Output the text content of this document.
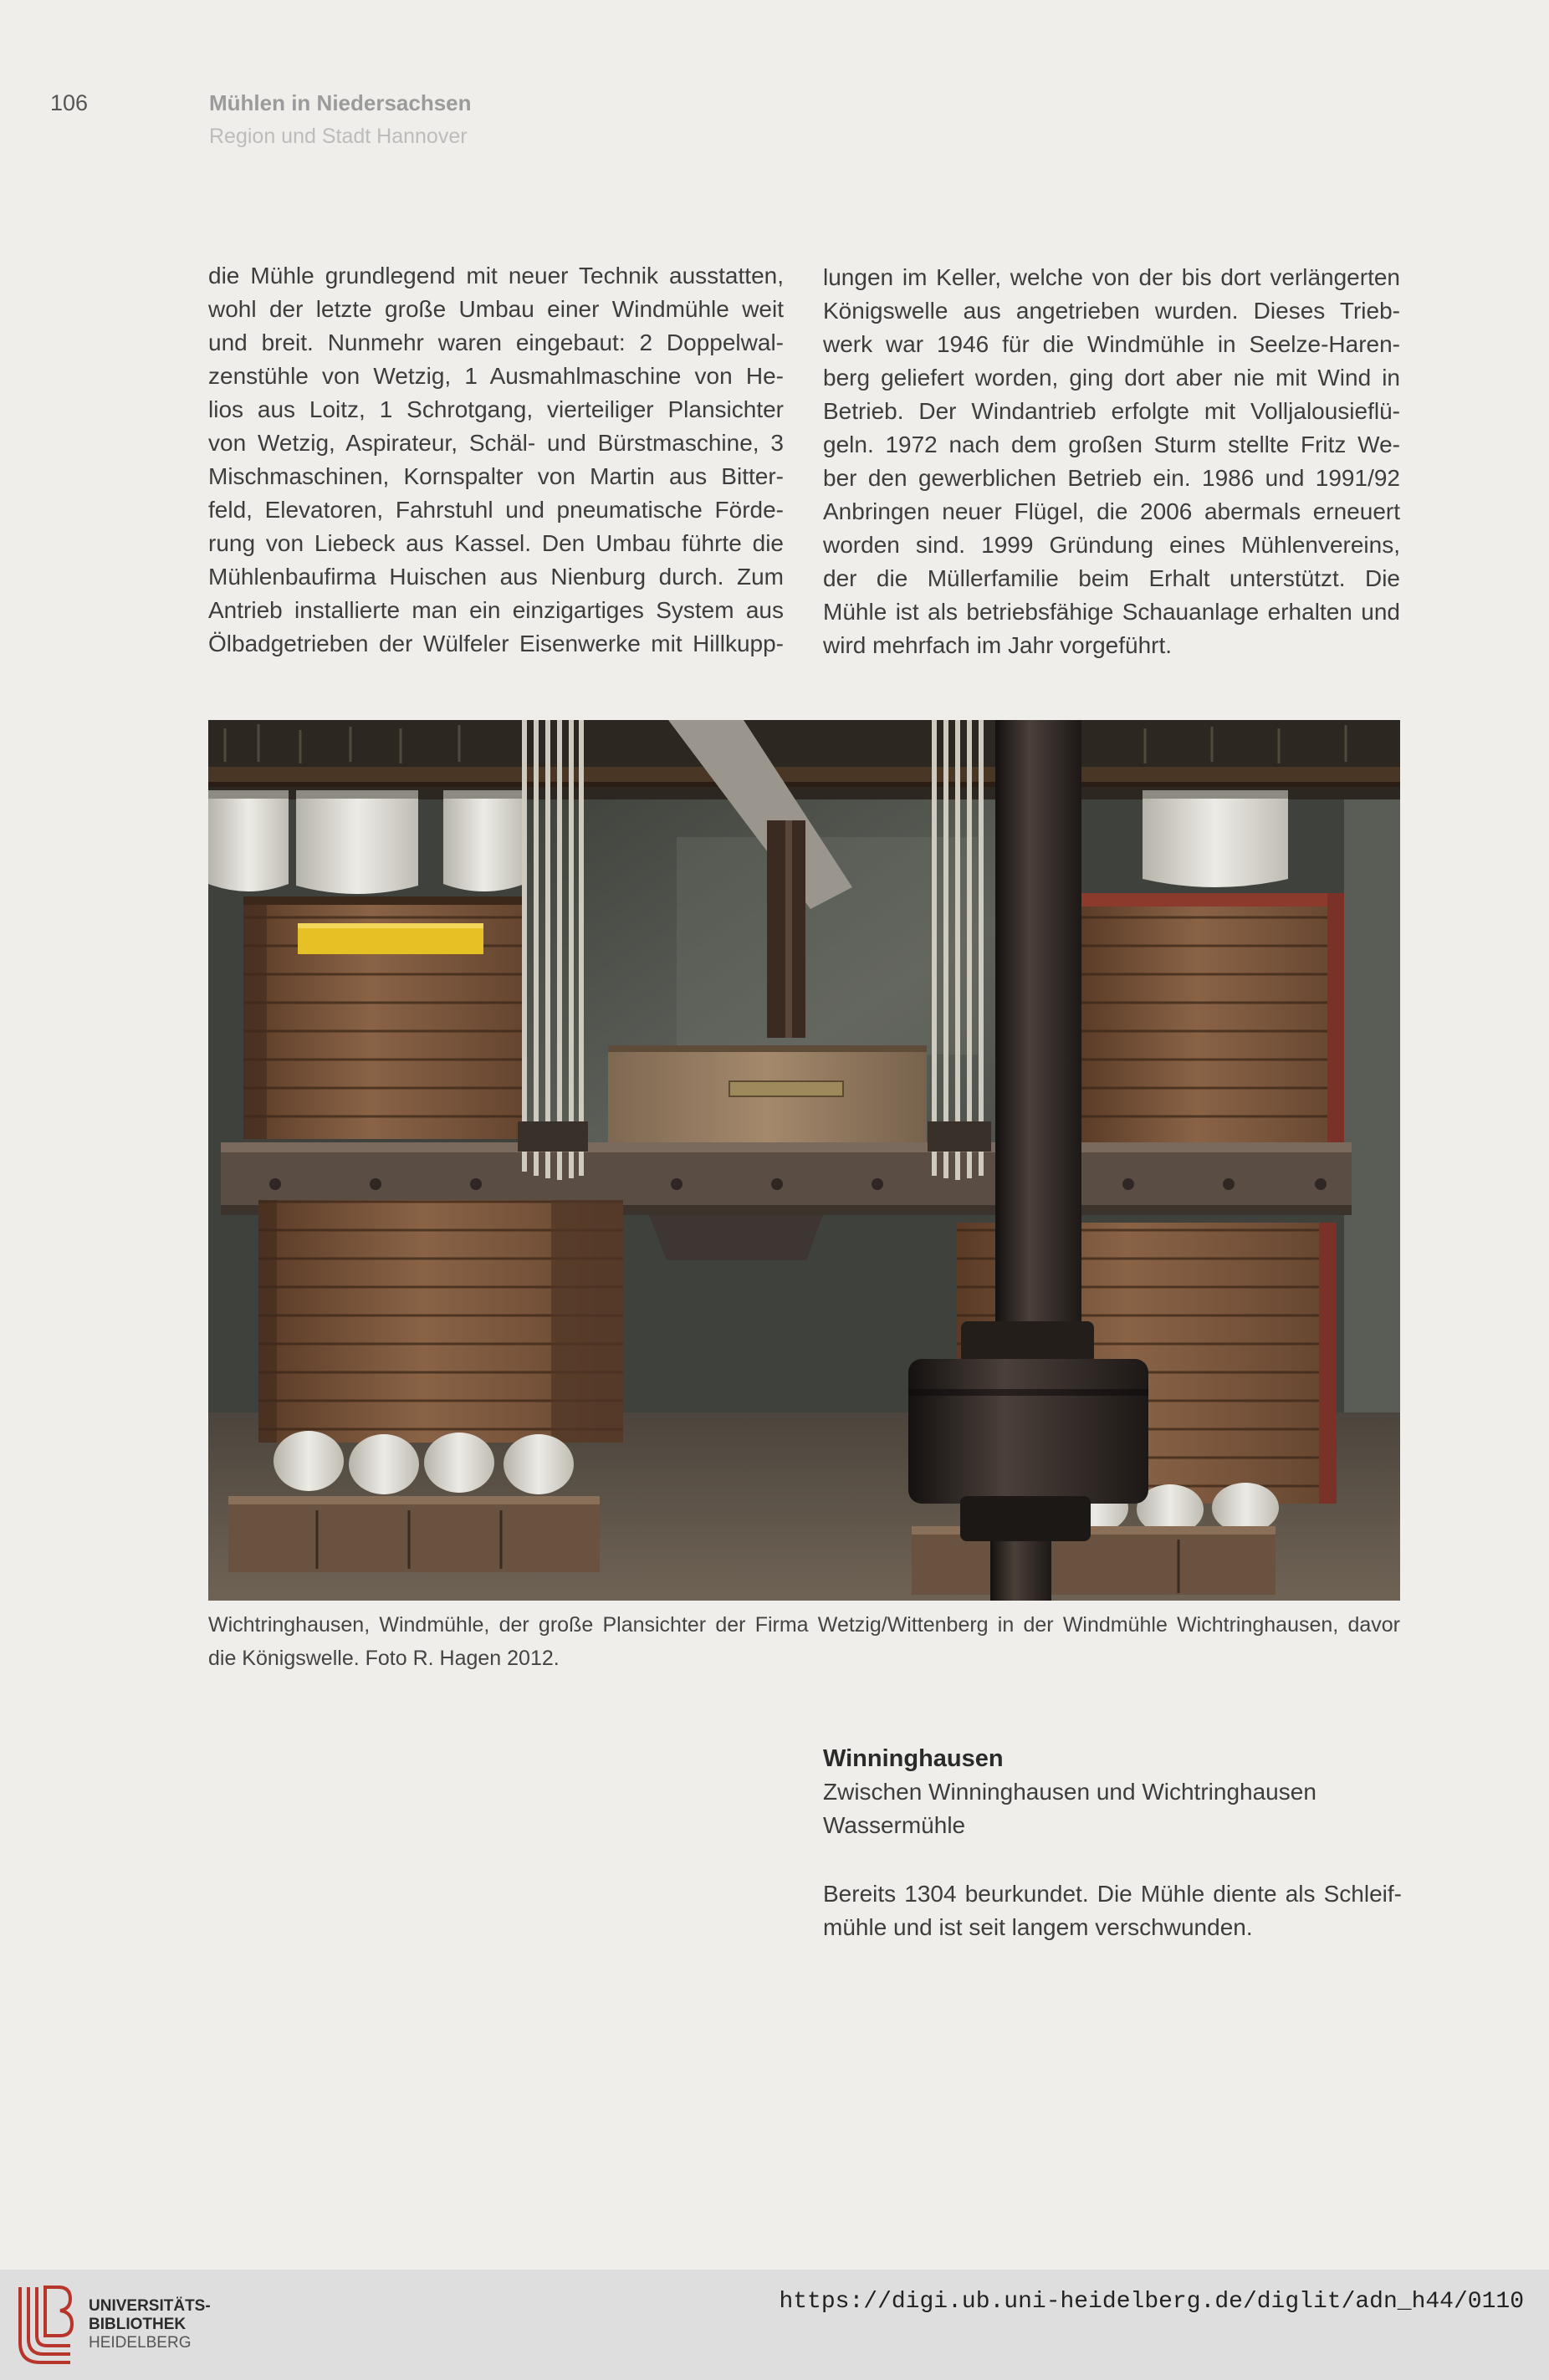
106	Mühlen in Niedersachsen
Region und Stadt Hannover
die Mühle grundlegend mit neuer Technik ausstatten,
wohl der letzte große Umbau einer Windmühle weit
und breit. Nunmehr waren eingebaut: 2 Doppelwal-
zenstühle von Wetzig, 1 Ausmahlmaschine von He-
lios aus Loitz, 1 Schrotgang, vierteiliger Plansichter
von Wetzig, Aspirateur, Schäl- und Bürstmaschine, 3
Mischmaschinen, Kornspalter von Martin aus Bitter-
feld, Elevatoren, Fahrstuhl und pneumatische Förde-
rung von Liebeck aus Kassel. Den Umbau führte die
Mühlenbaufirma Huischen aus Nienburg durch. Zum
Antrieb installierte man ein einzigartiges System aus
Ölbadgetrieben der Wülfeler Eisenwerke mit Hillkupp-
lungen im Keller, welche von der bis dort verlängerten
Königswelle aus angetrieben wurden. Dieses Trieb-
werk war 1946 für die Windmühle in Seelze-Haren-
berg geliefert worden, ging dort aber nie mit Wind in
Betrieb. Der Windantrieb erfolgte mit Volljalousieflü-
geln. 1972 nach dem großen Sturm stellte Fritz We-
ber den gewerblichen Betrieb ein. 1986 und 1991/92
Anbringen neuer Flügel, die 2006 abermals erneuert
worden sind. 1999 Gründung eines Mühlenvereins,
der die Müllerfamilie beim Erhalt unterstützt. Die
Mühle ist als betriebsfähige Schauanlage erhalten und
wird mehrfach im Jahr vorgeführt.
Wichtringhausen, Windmühle, der große Plansichter der Firma Wetzig/Wittenberg in der Windmühle Wichtringhausen, davor
die Königswelle. Foto R. Hagen 2012.
Winninghausen
Zwischen Winninghausen und Wichtringhausen
Wassermühle
Bereits 1304 beurkundet. Die Mühle diente als Schleif-
mühle und ist seit langem verschwunden.
UNIVERSITÄTS-
BIBLIOTHEK
HEIDELBERG
https://digi.ub.uni-heidelberg.de/diglit/adn_h44/0110
